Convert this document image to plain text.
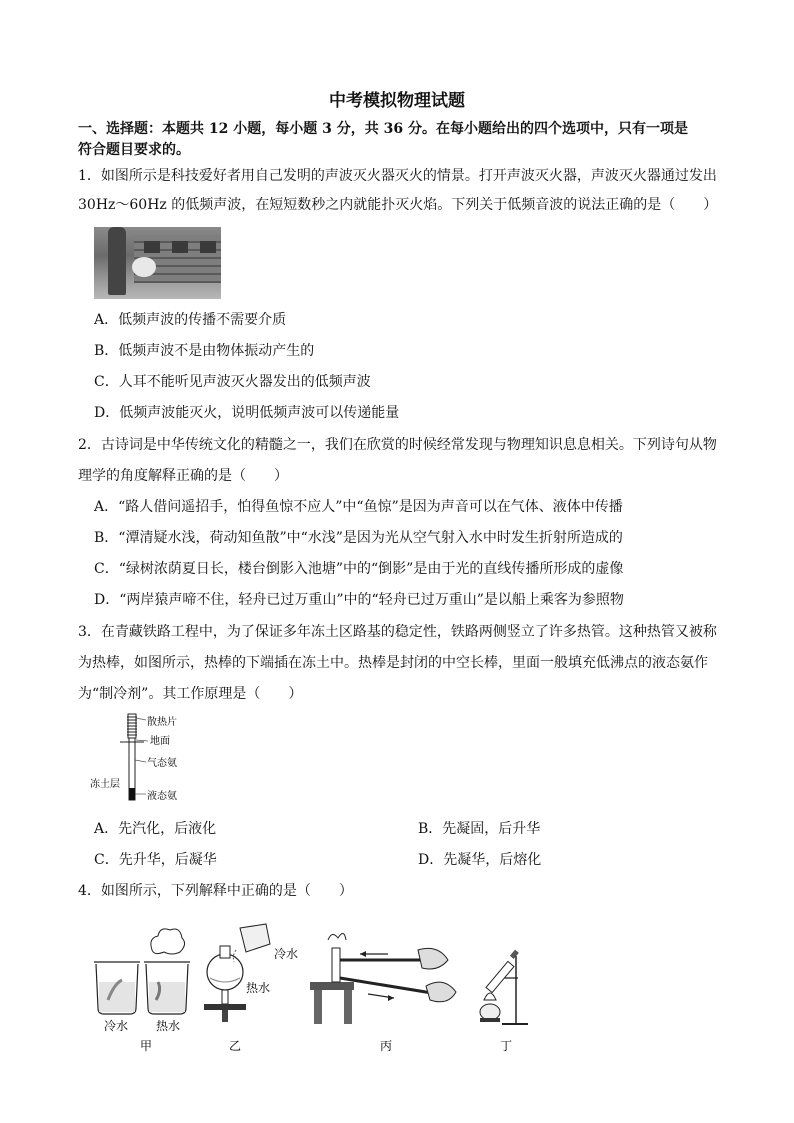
中考模拟物理试题
一、选择题：本题共 12 小题，每小题 3 分，共 36 分。在每小题给出的四个选项中，只有一项是
符合题目要求的。
1．如图所示是科技爱好者用自己发明的声波灭火器灭火的情景。打开声波灭火器，声波灭火器通过发出
30Hz～60Hz 的低频声波，在短短数秒之内就能扑灭火焰。下列关于低频音波的说法正确的是（　　）
A．低频声波的传播不需要介质
B．低频声波不是由物体振动产生的
C．人耳不能听见声波灭火器发出的低频声波
D．低频声波能灭火，说明低频声波可以传递能量
2．古诗词是中华传统文化的精髓之一，我们在欣赏的时候经常发现与物理知识息息相关。下列诗句从物
理学的角度解释正确的是（　　）
A．“路人借问遥招手，怕得鱼惊不应人”中“鱼惊”是因为声音可以在气体、液体中传播
B．“潭清疑水浅，荷动知鱼散”中“水浅”是因为光从空气射入水中时发生折射所造成的
C．“绿树浓荫夏日长，楼台倒影入池塘”中的“倒影”是由于光的直线传播所形成的虚像
D．“两岸猿声啼不住，轻舟已过万重山”中的“轻舟已过万重山”是以船上乘客为参照物
3．在青藏铁路工程中，为了保证多年冻土区路基的稳定性，铁路两侧竖立了许多热管。这种热管又被称
为热棒，如图所示，热棒的下端插在冻土中。热棒是封闭的中空长棒，里面一般填充低沸点的液态氨作
为“制冷剂”。其工作原理是（　　）
散热片
地面
气态氨
冻土层
液态氨
A．先汽化，后液化	B．先凝固，后升华
C．先升华，后凝华	D．先凝华，后熔化
4．如图所示，下列解释中正确的是（　　）
冷水 热水
甲
冷水
热水
乙	丙	丁
